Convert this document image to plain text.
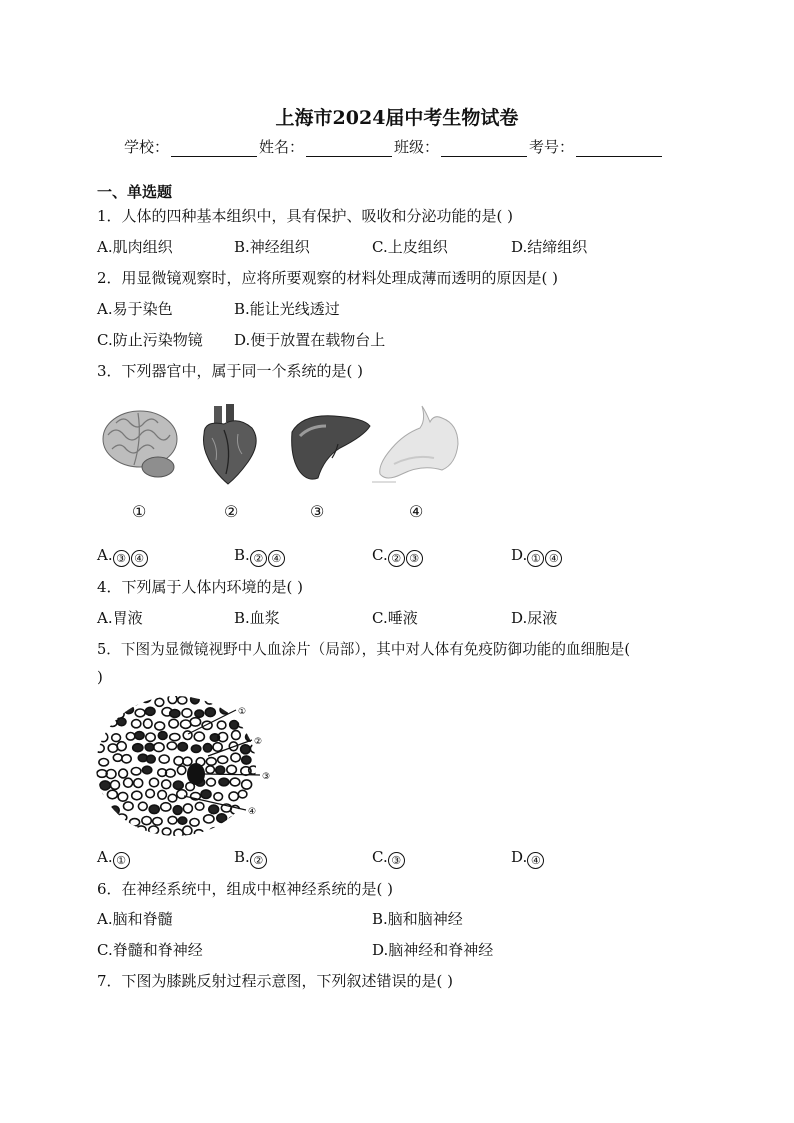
上海市2024届中考生物试卷
学校：	姓名：	班级：	考号：
一、单选题
1．人体的四种基本组织中，具有保护、吸收和分泌功能的是( )
A.肌肉组织	B.神经组织	C.上皮组织	D.结缔组织
2．用显微镜观察时，应将所要观察的材料处理成薄而透明的原因是( )
A.易于染色	B.能让光线透过
C.防止污染物镜 D.便于放置在载物台上
3．下列器官中，属于同一个系统的是( )
①	②	③	④
A. ③ ④	B. ② ④	C. ② ③	D. ① ④
4．下列属于人体内环境的是( )
A.胃液	B.血浆	C.唾液	D.尿液
5．下图为显微镜视野中人血涂片（局部），其中对人体有免疫防御功能的血细胞是(
)
①
②
③
④
A. ①	B. ②	C. ③	D. ④
6．在神经系统中，组成中枢神经系统的是( )
A.脑和脊髓	B.脑和脑神经
C.脊髓和脊神经	D.脑神经和脊神经
7．下图为膝跳反射过程示意图，下列叙述错误的是( )
